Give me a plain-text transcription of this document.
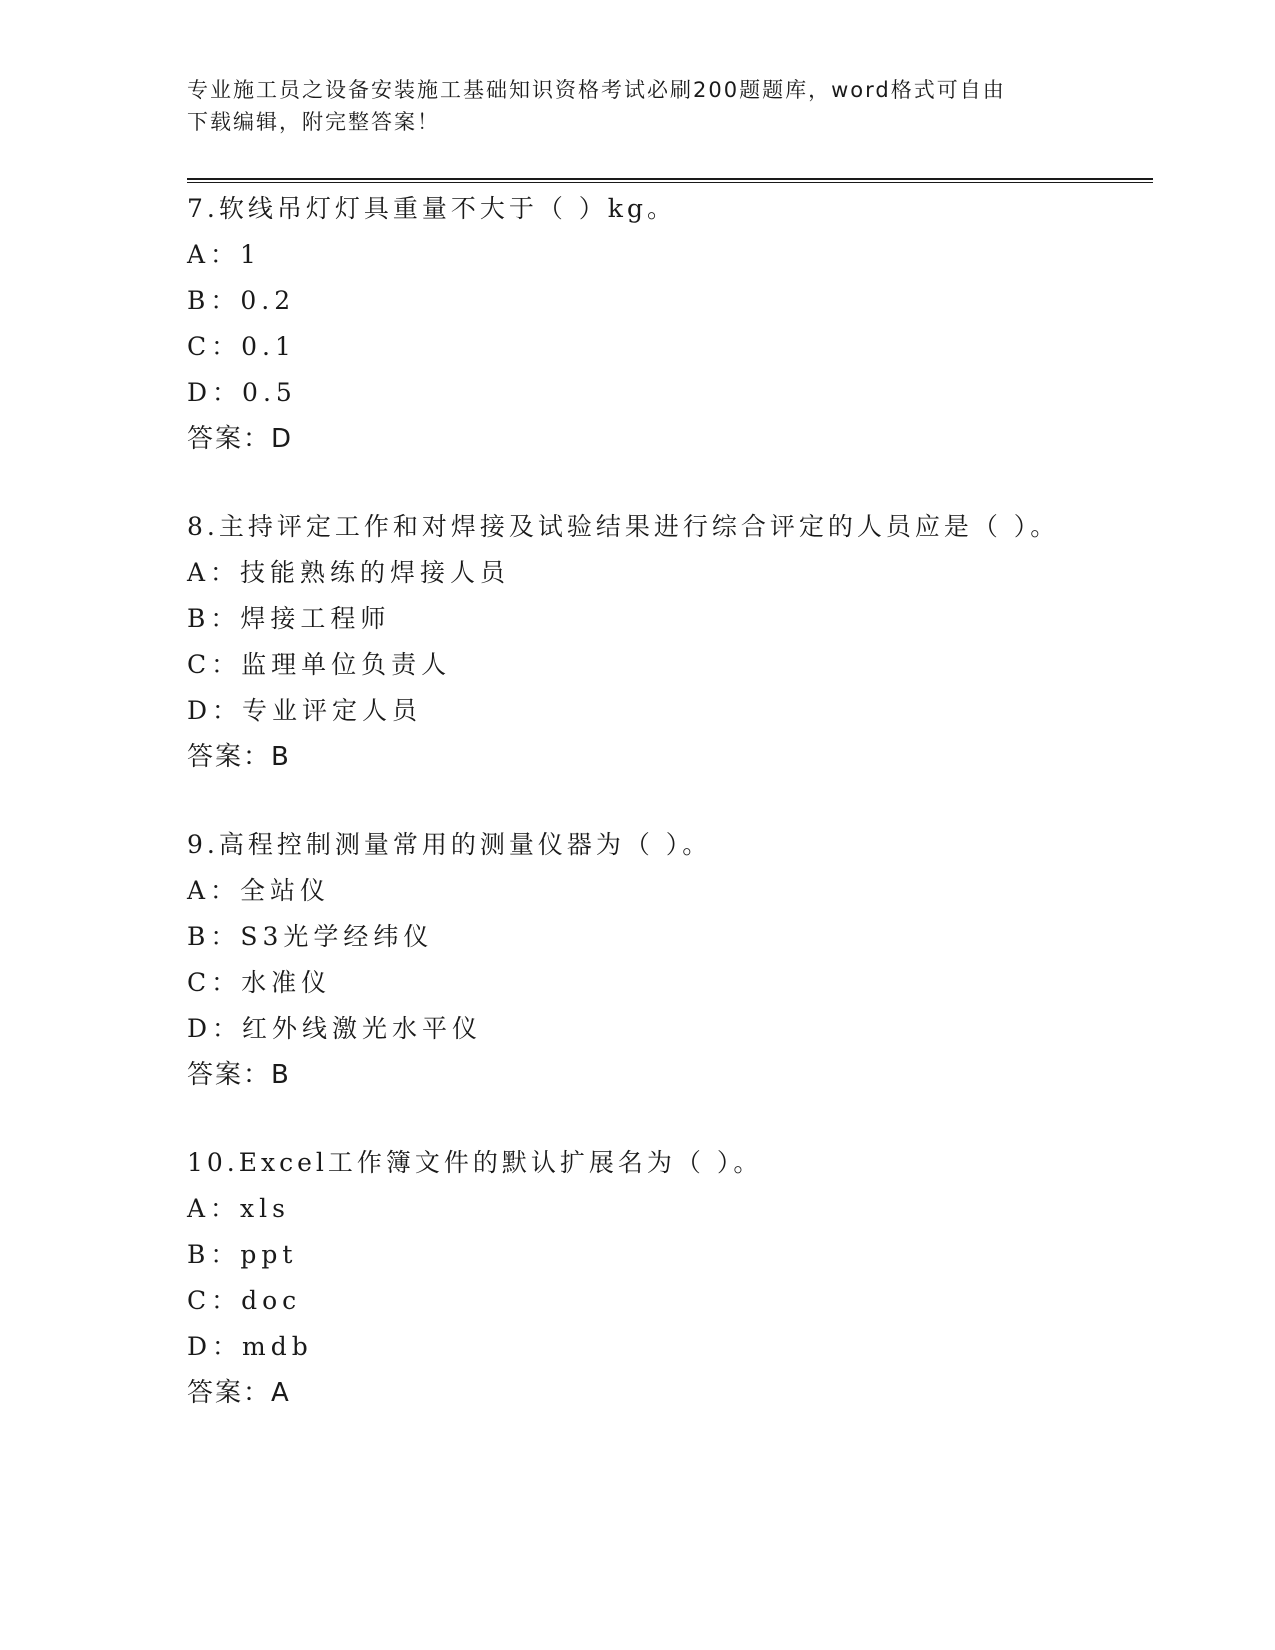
专业施工员之设备安装施工基础知识资格考试必刷200题题库，word格式可自由
下载编辑，附完整答案！
7.软线吊灯灯具重量不大于（ ）kg。
A：1
B：0.2
C：0.1
D：0.5
答案：D
8.主持评定工作和对焊接及试验结果进行综合评定的人员应是（ ）。
A：技能熟练的焊接人员
B：焊接工程师
C：监理单位负责人
D：专业评定人员
答案：B
9.高程控制测量常用的测量仪器为（ ）。
A：全站仪
B：S3光学经纬仪
C：水准仪
D：红外线激光水平仪
答案：B
10.Excel工作簿文件的默认扩展名为（ ）。
A：xls
B：ppt
C：doc
D：mdb
答案：A
